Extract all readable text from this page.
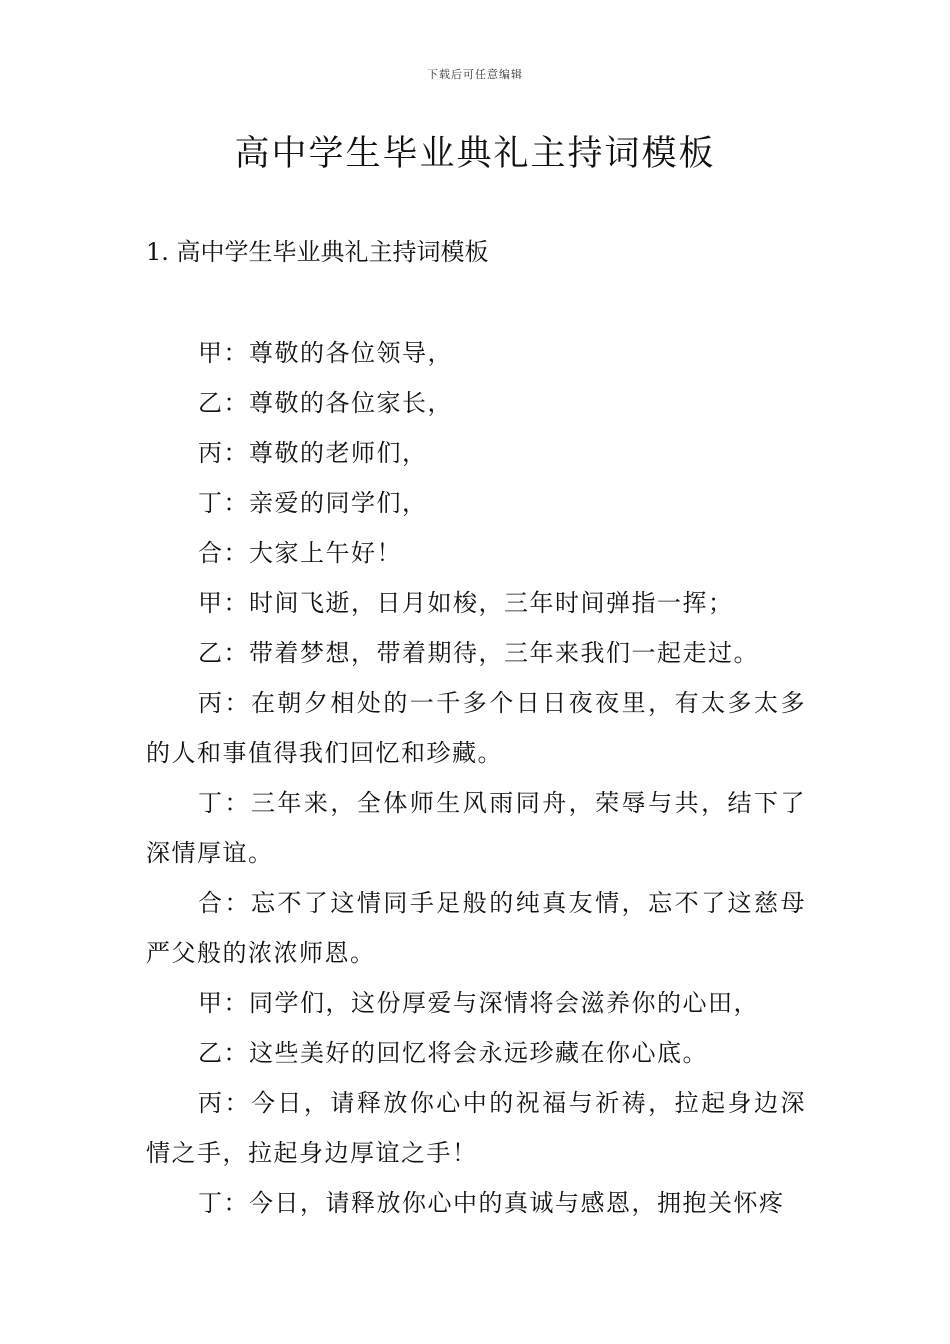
下载后可任意编辑
高中学生毕业典礼主持词模板
1. 高中学生毕业典礼主持词模板

甲：尊敬的各位领导，

乙：尊敬的各位家长，

丙：尊敬的老师们，

丁：亲爱的同学们，

合：大家上午好！

甲：时间飞逝，日月如梭，三年时间弹指一挥；

乙：带着梦想，带着期待，三年来我们一起走过。

丙：在朝夕相处的一千多个日日夜夜里，有太多太多的人和事值得我们回忆和珍藏。

丁：三年来，全体师生风雨同舟，荣辱与共，结下了深情厚谊。

合：忘不了这情同手足般的纯真友情，忘不了这慈母严父般的浓浓师恩。

甲：同学们，这份厚爱与深情将会滋养你的心田，

乙：这些美好的回忆将会永远珍藏在你心底。

丙：今日，请释放你心中的祝福与祈祷，拉起身边深情之手，拉起身边厚谊之手！

丁：今日，请释放你心中的真诚与感恩，拥抱关怀疼
